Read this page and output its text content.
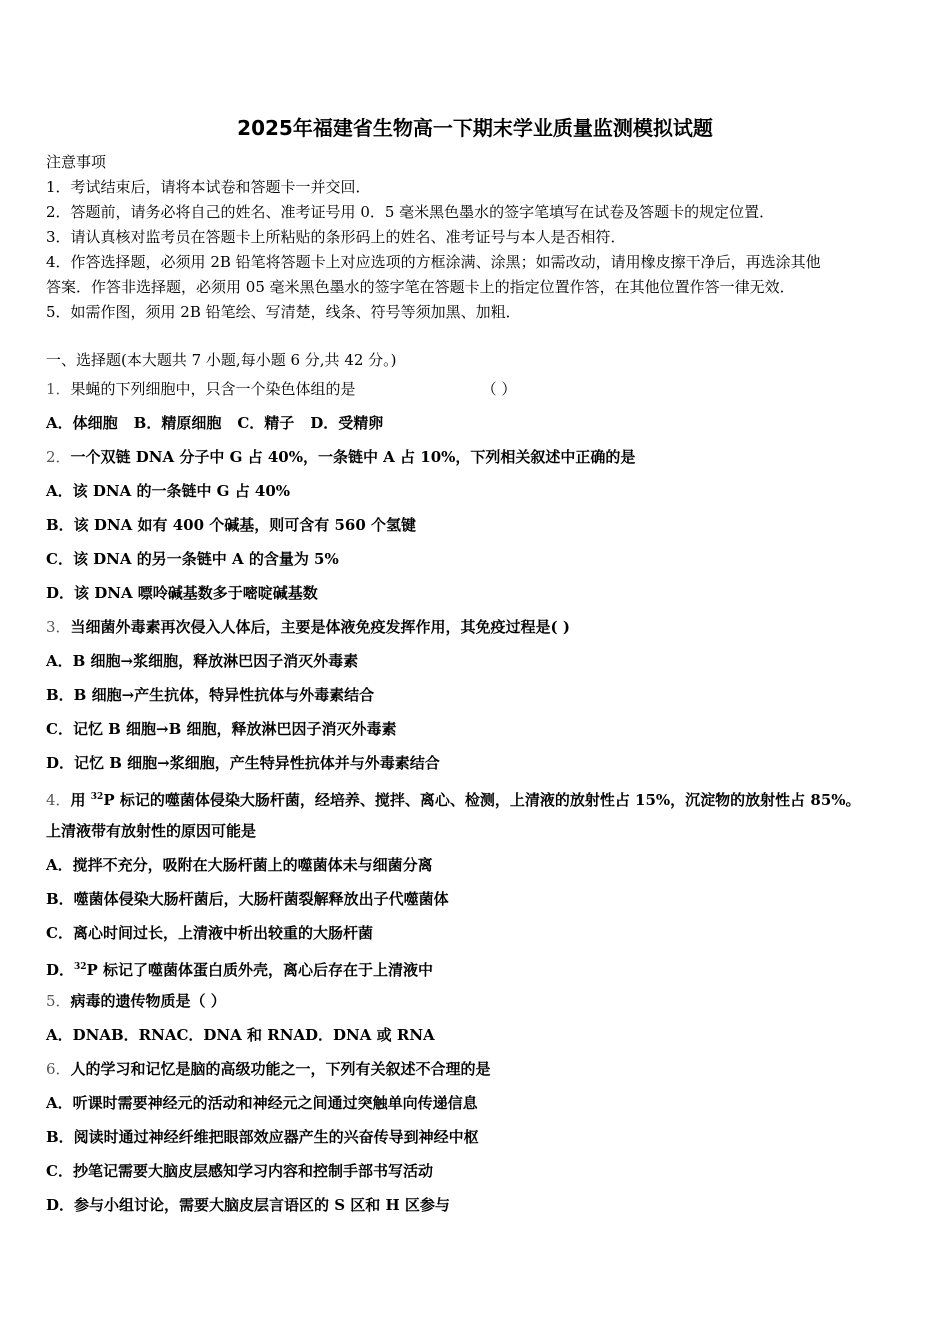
2025年福建省生物高一下期末学业质量监测模拟试题
注意事项
1．考试结束后，请将本试卷和答题卡一并交回．
2．答题前，请务必将自己的姓名、准考证号用 0．5 毫米黑色墨水的签字笔填写在试卷及答题卡的规定位置．
3．请认真核对监考员在答题卡上所粘贴的条形码上的姓名、准考证号与本人是否相符．
4．作答选择题，必须用 2B 铅笔将答题卡上对应选项的方框涂满、涂黑；如需改动，请用橡皮擦干净后，再选涂其他
答案．作答非选择题，必须用 05 毫米黑色墨水的签字笔在答题卡上的指定位置作答，在其他位置作答一律无效．
5．如需作图，须用 2B 铅笔绘、写清楚，线条、符号等须加黑、加粗．
一、选择题(本大题共 7 小题,每小题 6 分,共 42 分。)
1．果蝇的下列细胞中，只含一个染色体组的是	（ ）
A．体细胞 B．精原细胞 C．精子 D．受精卵
2．一个双链 DNA 分子中 G 占 40%，一条链中 A 占 10%，下列相关叙述中正确的是
A．该 DNA 的一条链中 G 占 40%
B．该 DNA 如有 400 个碱基，则可含有 560 个氢键
C．该 DNA 的另一条链中 A 的含量为 5%
D．该 DNA 嘌呤碱基数多于嘧啶碱基数
3．当细菌外毒素再次侵入人体后，主要是体液免疫发挥作用，其免疫过程是( )
A．B 细胞→浆细胞，释放淋巴因子消灭外毒素
B．B 细胞→产生抗体，特异性抗体与外毒素结合
C．记忆 B 细胞→B 细胞，释放淋巴因子消灭外毒素
D．记忆 B 细胞→浆细胞，产生特异性抗体并与外毒素结合
4．用 $^{32}$P 标记的噬菌体侵染大肠杆菌，经培养、搅拌、离心、检测，上清液的放射性占 15%，沉淀物的放射性占 85%。
上清液带有放射性的原因可能是
A．搅拌不充分，吸附在大肠杆菌上的噬菌体未与细菌分离
B．噬菌体侵染大肠杆菌后，大肠杆菌裂解释放出子代噬菌体
C．离心时间过长，上清液中析出较重的大肠杆菌
D．$^{32}$P 标记了噬菌体蛋白质外壳，离心后存在于上清液中
5．病毒的遗传物质是（ ）
A．DNAB．RNAC．DNA 和 RNAD．DNA 或 RNA
6．人的学习和记忆是脑的高级功能之一，下列有关叙述不合理的是
A．听课时需要神经元的活动和神经元之间通过突触单向传递信息
B．阅读时通过神经纤维把眼部效应器产生的兴奋传导到神经中枢
C．抄笔记需要大脑皮层感知学习内容和控制手部书写活动
D．参与小组讨论，需要大脑皮层言语区的 S 区和 H 区参与
